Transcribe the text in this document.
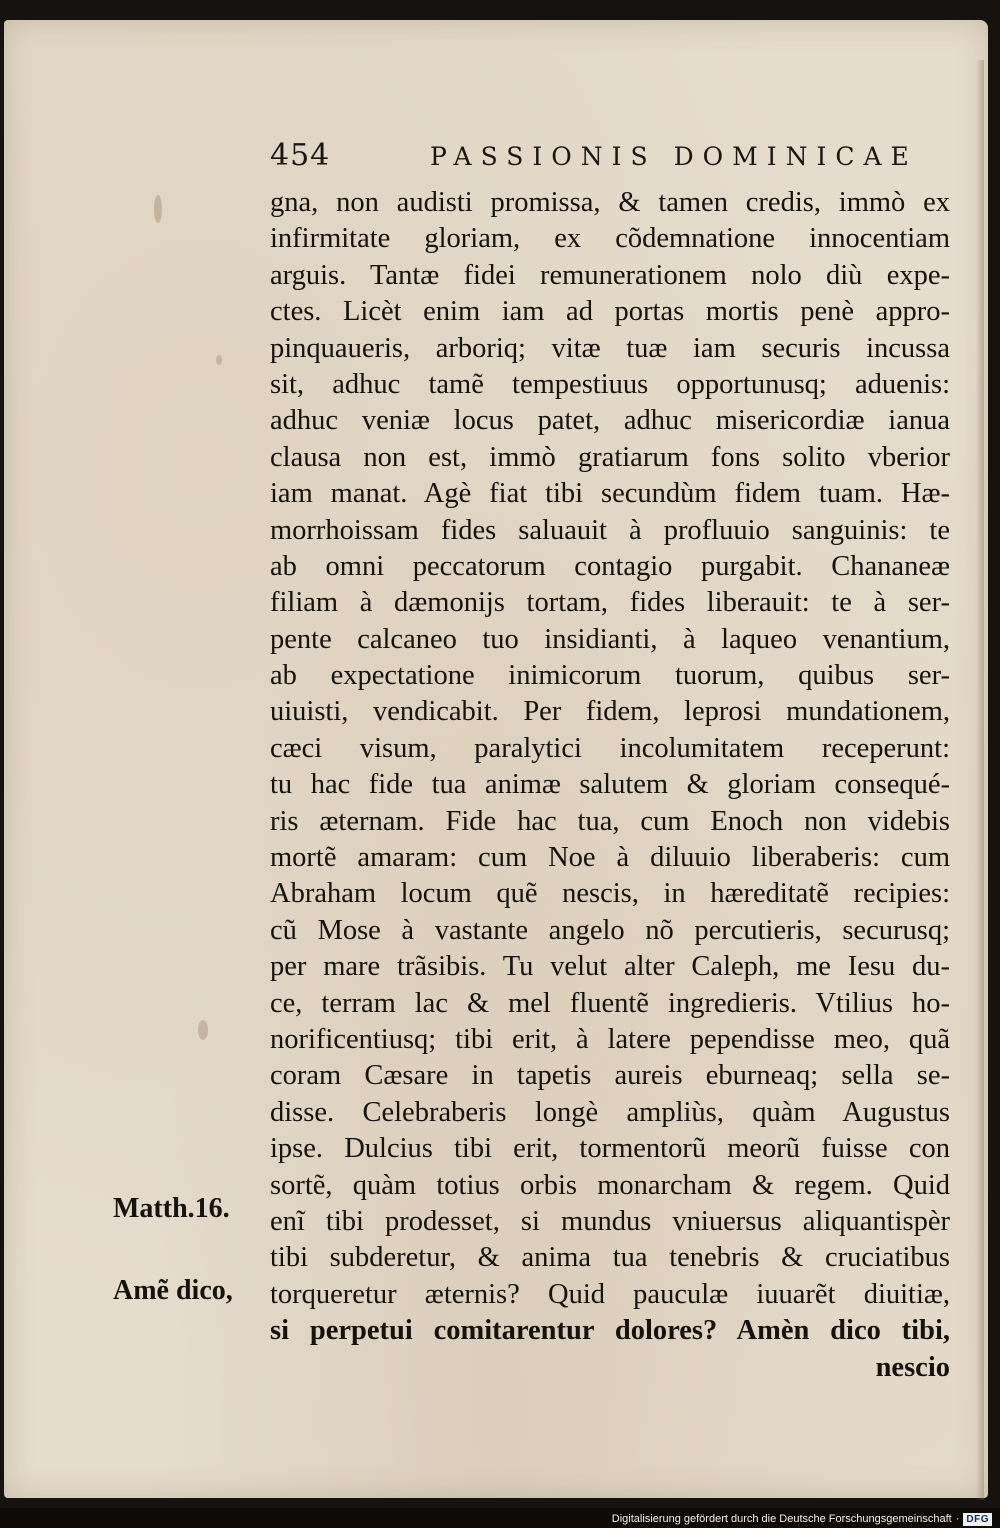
454	PASSIONIS DOMINICAE
gna, non audisti promissa, & tamen credis, immò ex
infirmitate gloriam, ex cõdemnatione innocentiam
arguis. Tantæ fidei remunerationem nolo diù expe-
ctes. Licèt enim iam ad portas mortis penè appro-
pinquaueris, arboriq; vitæ tuæ iam securis incussa
sit, adhuc tamẽ tempestiuus opportunusq; aduenis:
adhuc veniæ locus patet, adhuc misericordiæ ianua
clausa non est, immò gratiarum fons solito vberior
iam manat. Agè fiat tibi secundùm fidem tuam. Hæ-
morrhoissam fides saluauit à profluuio sanguinis: te
ab omni peccatorum contagio purgabit. Chananeæ
filiam à dæmonijs tortam, fides liberauit: te à ser-
pente calcaneo tuo insidianti, à laqueo venantium,
ab expectatione inimicorum tuorum, quibus ser-
uiuisti, vendicabit. Per fidem, leprosi mundationem,
cæci visum, paralytici incolumitatem receperunt:
tu hac fide tua animæ salutem & gloriam consequé-
ris æternam. Fide hac tua, cum Enoch non videbis
mortẽ amaram: cum Noe à diluuio liberaberis: cum
Abraham locum quẽ nescis, in hæreditatẽ recipies:
cũ Mose à vastante angelo nõ percutieris, securusq;
per mare trãsibis. Tu velut alter Caleph, me Iesu du-
ce, terram lac & mel fluentẽ ingredieris. Vtilius ho-
norificentiusq; tibi erit, à latere pependisse meo, quã
coram Cæsare in tapetis aureis eburneaq; sella se-
disse. Celebraberis longè ampliùs, quàm Augustus
ipse. Dulcius tibi erit, tormentorũ meorũ fuisse con
sortẽ, quàm totius orbis monarcham & regem. Quid
enĩ tibi prodesset, si mundus vniuersus aliquantispèr
tibi subderetur, & anima tua tenebris & cruciatibus
torqueretur æternis? Quid pauculæ iuuarẽt diuitiæ,
si perpetui comitarentur dolores? Amèn dico tibi,
nescio
Matth.16.
Amẽ dico,
Digitalisierung gefördert durch die Deutsche Forschungsgemeinschaft · DFG
